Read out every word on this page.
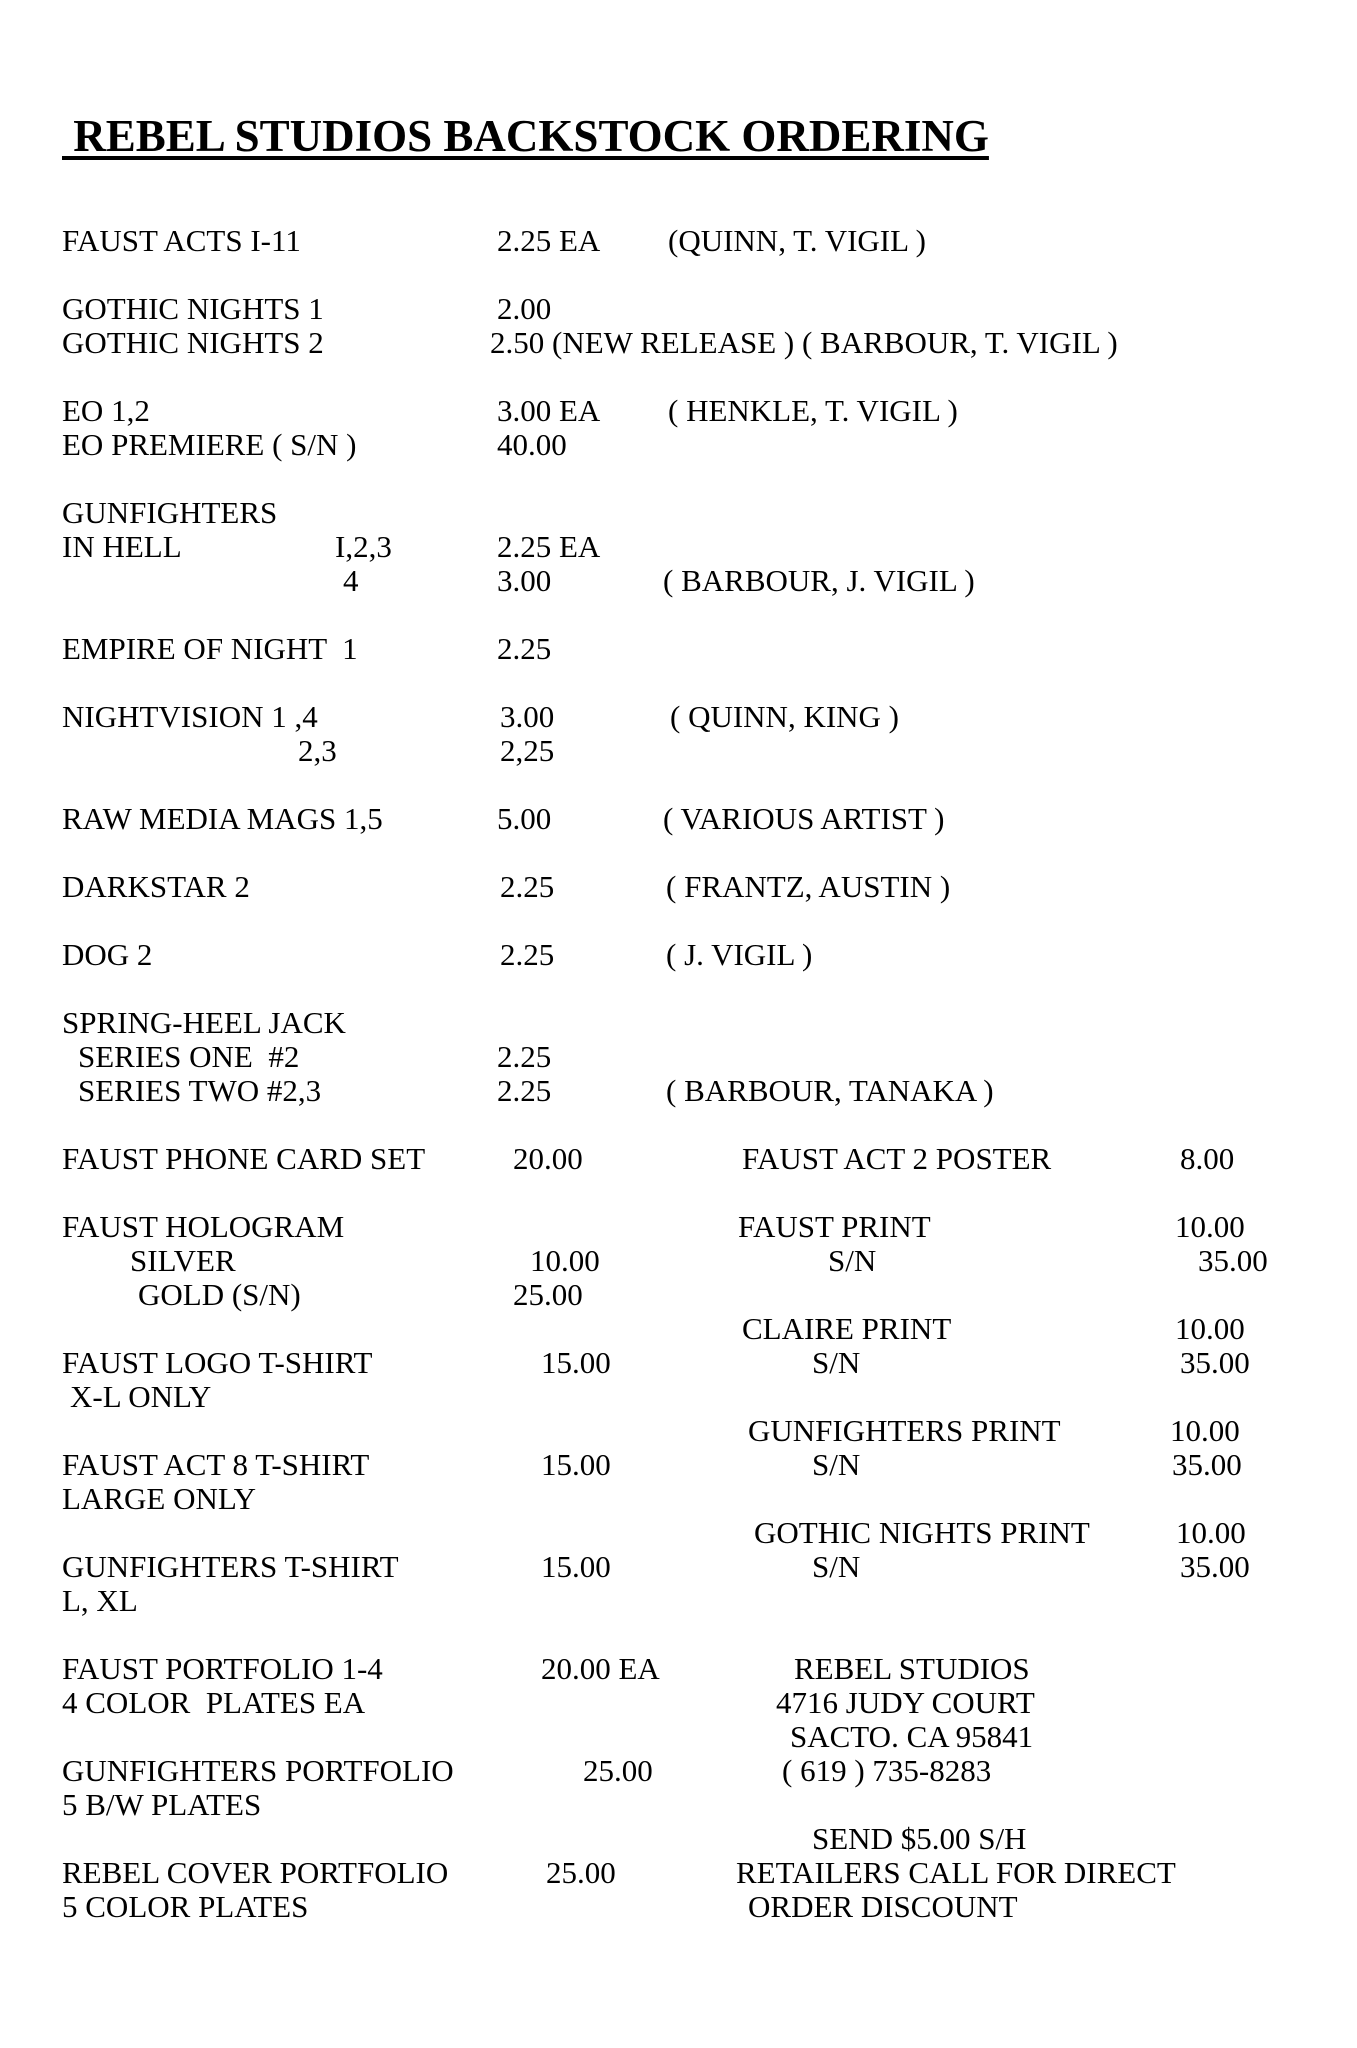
REBEL STUDIOS BACKSTOCK ORDERING
FAUST ACTS I-11	2.25 EA (QUINN, T. VIGIL )
GOTHIC NIGHTS 1	2.00
GOTHIC NIGHTS 2	2.50 (NEW RELEASE ) ( BARBOUR, T. VIGIL )
EO 1,2	3.00 EA ( HENKLE, T. VIGIL )
EO PREMIERE ( S/N )	40.00
GUNFIGHTERS
IN HELL	I,2,3	2.25 EA
4	3.00	( BARBOUR, J. VIGIL )
EMPIRE OF NIGHT  1	2.25
NIGHTVISION 1 ,4	3.00	( QUINN, KING )
2,3	2,25
RAW MEDIA MAGS 1,5	5.00	( VARIOUS ARTIST )
DARKSTAR 2	2.25	( FRANTZ, AUSTIN )
DOG 2	2.25	( J. VIGIL )
SPRING-HEEL JACK
SERIES ONE  #2	2.25
SERIES TWO #2,3	2.25	( BARBOUR, TANAKA )
FAUST PHONE CARD SET	20.00
FAUST HOLOGRAM
SILVER	10.00
GOLD (S/N)	25.00
FAUST LOGO T-SHIRT	15.00
X-L ONLY
FAUST ACT 8 T-SHIRT	15.00
LARGE ONLY
GUNFIGHTERS T-SHIRT	15.00
L, XL
FAUST PORTFOLIO 1-4	20.00 EA
4 COLOR  PLATES EA
GUNFIGHTERS PORTFOLIO	25.00
5 B/W PLATES
REBEL COVER PORTFOLIO	25.00
5 COLOR PLATES
FAUST ACT 2 POSTER	8.00
FAUST PRINT	10.00
S/N	35.00
CLAIRE PRINT	10.00
S/N	35.00
GUNFIGHTERS PRINT	10.00
S/N	35.00
GOTHIC NIGHTS PRINT	10.00
S/N	35.00
REBEL STUDIOS
4716 JUDY COURT
SACTO. CA 95841
( 619 ) 735-8283
SEND $5.00 S/H
RETAILERS CALL FOR DIRECT
ORDER DISCOUNT
